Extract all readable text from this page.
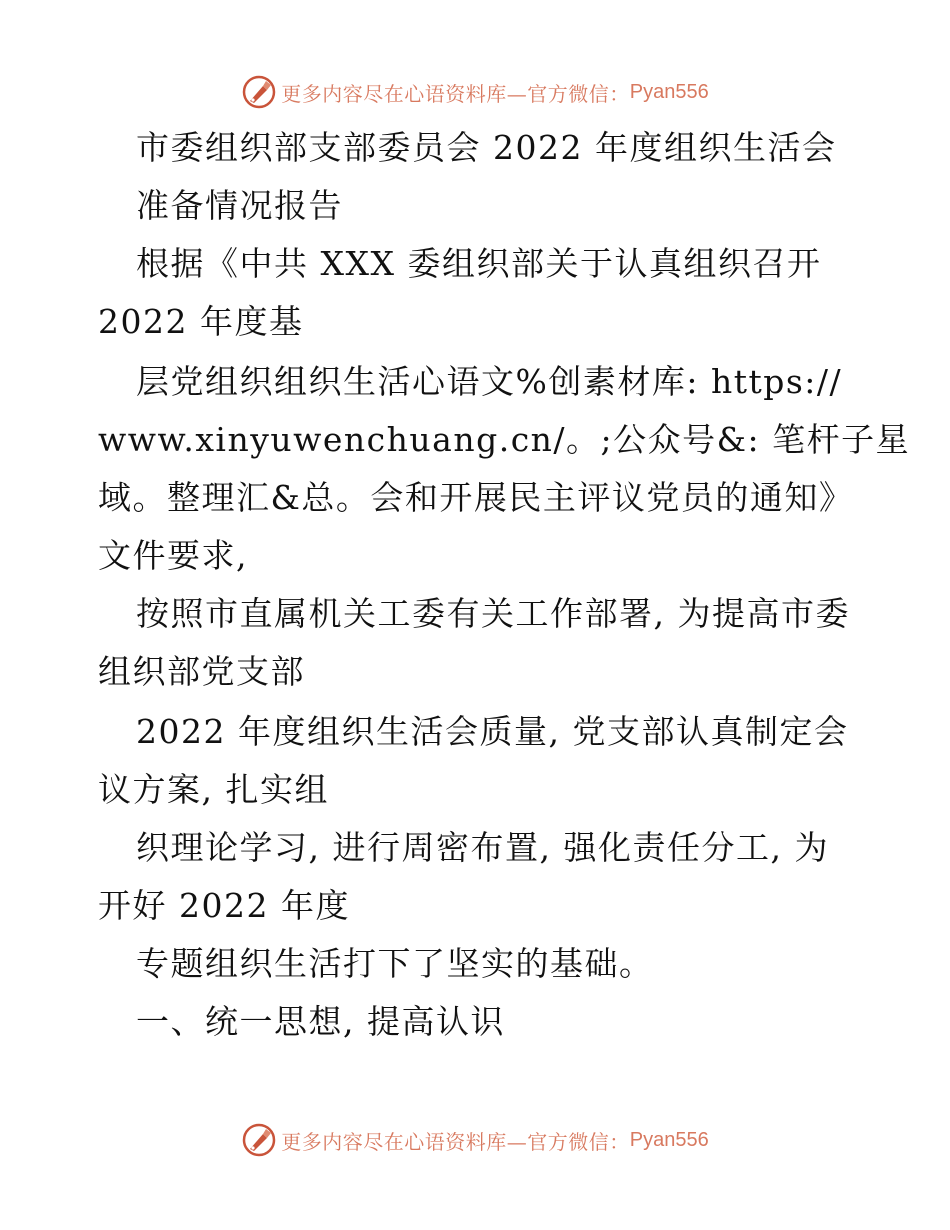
更多内容尽在心语资料库—官方微信： Pyan556
市委组织部支部委员会 2022 年度组织生活会
准备情况报告
根据《中共 XXX 委组织部关于认真组织召开
2022 年度基
层党组织组织生活心语文%创素材库: https://
www.xinyuwenchuang.cn/。;公众号&: 笔杆子星
域。整理汇&总。会和开展民主评议党员的通知》
文件要求,
按照市直属机关工委有关工作部署, 为提高市委
组织部党支部
2022 年度组织生活会质量, 党支部认真制定会
议方案, 扎实组
织理论学习, 进行周密布置, 强化责任分工, 为
开好 2022 年度
专题组织生活打下了坚实的基础。
一、统一思想, 提高认识
更多内容尽在心语资料库—官方微信： Pyan556
